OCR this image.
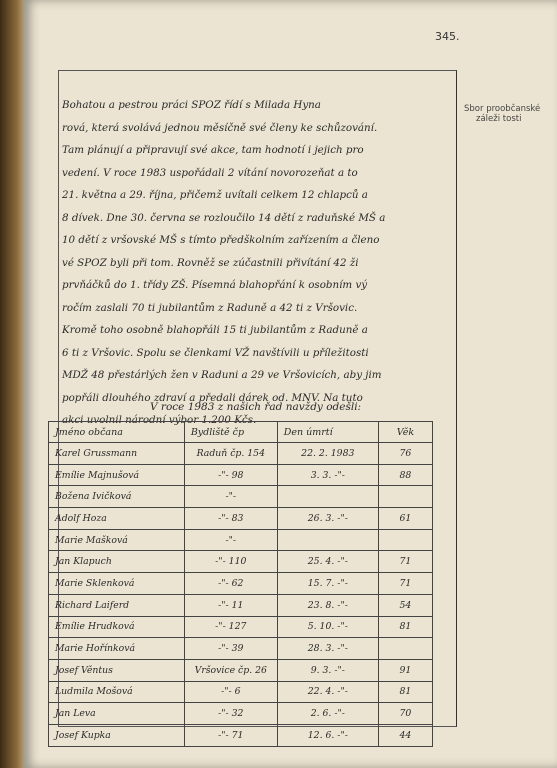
345.
Sbor proobčanské
záleži tosti
Bohatou a pestrou práci SPOZ řídí s Milada Hyna
rová, která svolává jednou měsíčně své členy ke schůzování.
Tam plánují a připravují své akce, tam hodnotí i jejich pro
vedení. V roce 1983 uspořádali 2 vítání novorozeňat a to
21. května a 29. října, přičemž uvítali celkem 12 chlapců a
8 dívek. Dne 30. června se rozloučilo 14 dětí z raduňské MŠ a
10 dětí z vršovské MŠ s tímto předškolním zařízením a členo
vé SPOZ byli při tom. Rovněž se zúčastnili přivítání 42 ži
prvňáčků do 1. třídy ZŠ. Písemná blahopřání k osobním vý
ročím zaslali 70 ti jubilantům z Raduně a 42 ti z Vršovic.
Kromě toho osobně blahopřáli 15 ti jubilantům z Raduně a
6 ti z Vršovic. Spolu se členkami VŽ navštívili u příležitosti
MDŽ 48 přestárlých žen v Raduni a 29 ve Vršovicích, aby jim
popřáli dlouhého zdraví a předali dárek od. MNV. Na tuto
akci uvolnil národní výbor 1.200 Kčs.
V roce 1983 z našich řad navždy odešli:
Jméno občana	Bydliště čp	Den úmrtí	Věk
Karel Grussmann	Raduň čp. 154	22. 2. 1983	76
Emílie Majnušová	-"- 98	3. 3. -"-	88
Božena Ivičková	-"-		
Adolf Hoza	-"- 83	26. 3. -"-	61
Marie Mašková	-"-		
Jan Klapuch	-"- 110	25. 4. -"-	71
Marie Sklenková	-"- 62	15. 7. -"-	71
Richard Laiferd	-"- 11	23. 8. -"-	54
Emílie Hrudková	-"- 127	5. 10. -"-	81
Marie Hořínková	-"- 39	28. 3. -"-	
Josef Věntus	Vršovice čp. 26	9. 3. -"-	91
Ludmila Mošová	-"- 6	22. 4. -"-	81
Jan Leva	-"- 32	2. 6. -"-	70
Josef Kupka	-"- 71	12. 6. -"-	44
